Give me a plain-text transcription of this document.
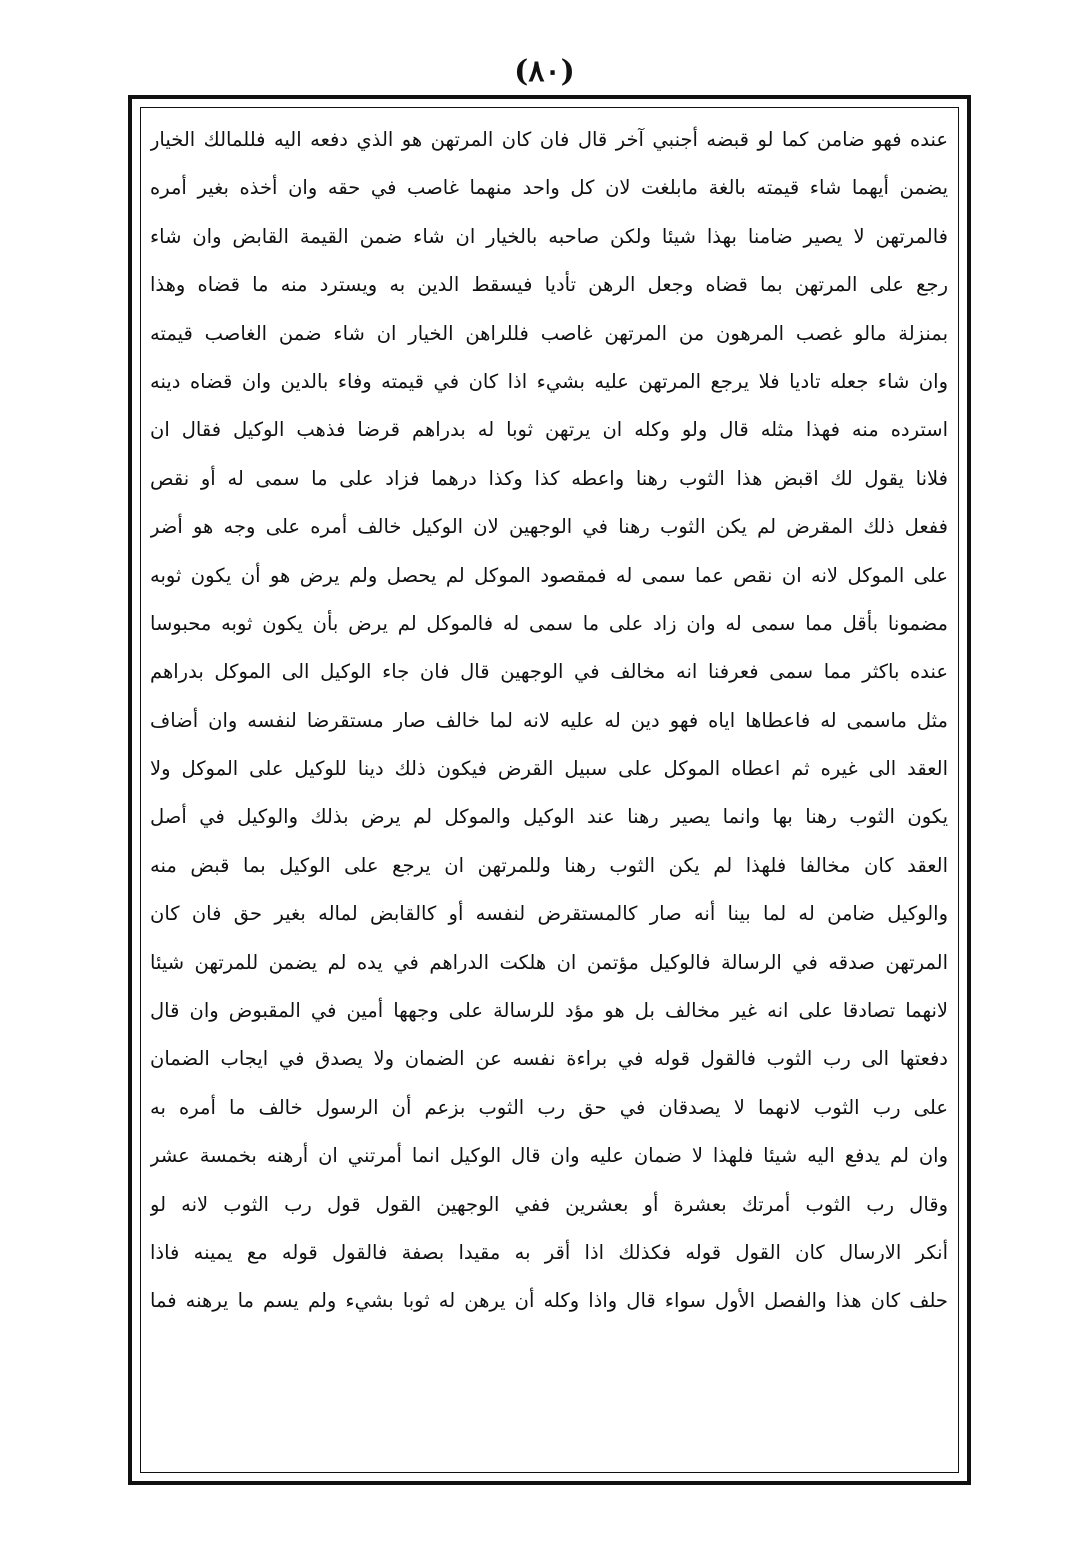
(٨٠)
عنده فهو ضامن كما لو قبضه أجنبي آخر قال فان كان المرتهن هو الذي دفعه اليه فللمالك الخيار
يضمن أيهما شاء قيمته بالغة مابلغت لان كل واحد منهما غاصب في حقه وان أخذه بغير أمره
فالمرتهن لا يصير ضامنا بهذا شيئا ولكن صاحبه بالخيار ان شاء ضمن القيمة القابض وان شاء
رجع على المرتهن بما قضاه وجعل الرهن تأديا فيسقط الدين به ويسترد منه ما قضاه وهذا
بمنزلة مالو غصب المرهون من المرتهن غاصب فللراهن الخيار ان شاء ضمن الغاصب قيمته
وان شاء جعله تاديا فلا يرجع المرتهن عليه بشيء اذا كان في قيمته وفاء بالدين وان قضاه دينه
استرده منه فهذا مثله قال ولو وكله ان يرتهن ثوبا له بدراهم قرضا فذهب الوكيل فقال ان
فلانا يقول لك اقبض هذا الثوب رهنا واعطه كذا وكذا درهما فزاد على ما سمى له أو نقص
ففعل ذلك المقرض لم يكن الثوب رهنا في الوجهين لان الوكيل خالف أمره على وجه هو أضر
على الموكل لانه ان نقص عما سمى له فمقصود الموكل لم يحصل ولم يرض هو أن يكون ثوبه
مضمونا بأقل مما سمى له وان زاد على ما سمى له فالموكل لم يرض بأن يكون ثوبه محبوسا
عنده باكثر مما سمى فعرفنا انه مخالف في الوجهين قال فان جاء الوكيل الى الموكل بدراهم
مثل ماسمى له فاعطاها اياه فهو دين له عليه لانه لما خالف صار مستقرضا لنفسه وان أضاف
العقد الى غيره ثم اعطاه الموكل على سبيل القرض فيكون ذلك دينا للوكيل على الموكل ولا
يكون الثوب رهنا بها وانما يصير رهنا عند الوكيل والموكل لم يرض بذلك والوكيل في أصل
العقد كان مخالفا فلهذا لم يكن الثوب رهنا وللمرتهن ان يرجع على الوكيل بما قبض منه
والوكيل ضامن له لما بينا أنه صار كالمستقرض لنفسه أو كالقابض لماله بغير حق فان كان
المرتهن صدقه في الرسالة فالوكيل مؤتمن ان هلكت الدراهم في يده لم يضمن للمرتهن شيئا
لانهما تصادقا على انه غير مخالف بل هو مؤد للرسالة على وجهها أمين في المقبوض وان قال
دفعتها الى رب الثوب فالقول قوله في براءة نفسه عن الضمان ولا يصدق في ايجاب الضمان
على رب الثوب لانهما لا يصدقان في حق رب الثوب بزعم أن الرسول خالف ما أمره به
وان لم يدفع اليه شيئا فلهذا لا ضمان عليه وان قال الوكيل انما أمرتني ان أرهنه بخمسة عشر
وقال رب الثوب أمرتك بعشرة أو بعشرين ففي الوجهين القول قول رب الثوب لانه لو
أنكر الارسال كان القول قوله فكذلك اذا أقر به مقيدا بصفة فالقول قوله مع يمينه فاذا
حلف كان هذا والفصل الأول سواء قال واذا وكله أن يرهن له ثوبا بشيء ولم يسم ما يرهنه فما
